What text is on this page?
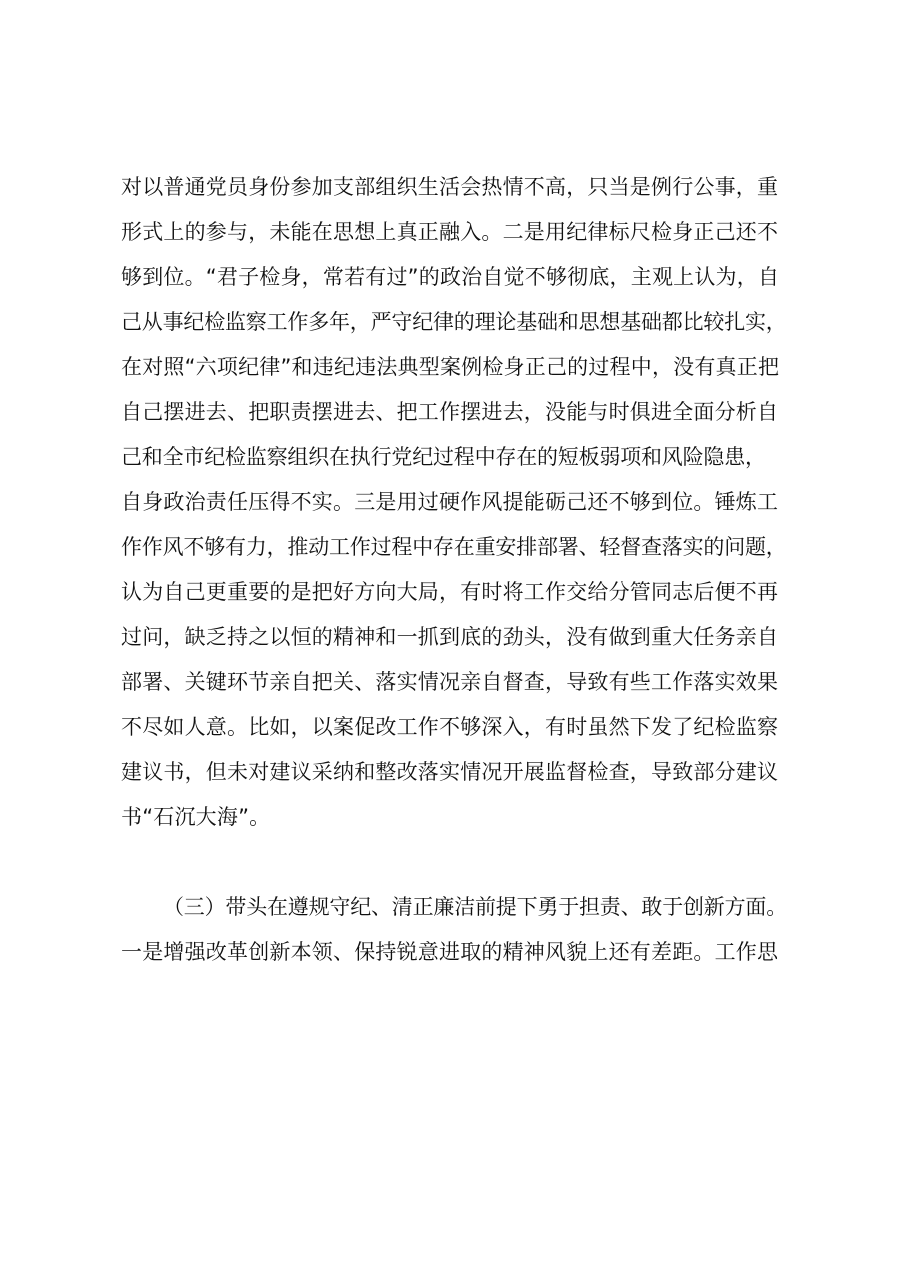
对以普通党员身份参加支部组织生活会热情不高，只当是例行公事，重
形式上的参与，未能在思想上真正融入。二是用纪律标尺检身正己还不
够到位。“君子检身，常若有过”的政治自觉不够彻底，主观上认为，自
己从事纪检监察工作多年，严守纪律的理论基础和思想基础都比较扎实，
在对照“六项纪律”和违纪违法典型案例检身正己的过程中，没有真正把
自己摆进去、把职责摆进去、把工作摆进去，没能与时俱进全面分析自
己和全市纪检监察组织在执行党纪过程中存在的短板弱项和风险隐患，
自身政治责任压得不实。三是用过硬作风提能砺己还不够到位。锤炼工
作作风不够有力，推动工作过程中存在重安排部署、轻督查落实的问题，
认为自己更重要的是把好方向大局，有时将工作交给分管同志后便不再
过问，缺乏持之以恒的精神和一抓到底的劲头，没有做到重大任务亲自
部署、关键环节亲自把关、落实情况亲自督查，导致有些工作落实效果
不尽如人意。比如，以案促改工作不够深入，有时虽然下发了纪检监察
建议书，但未对建议采纳和整改落实情况开展监督检查，导致部分建议
书“石沉大海”。
（三）带头在遵规守纪、清正廉洁前提下勇于担责、敢于创新方面。
一是增强改革创新本领、保持锐意进取的精神风貌上还有差距。工作思
